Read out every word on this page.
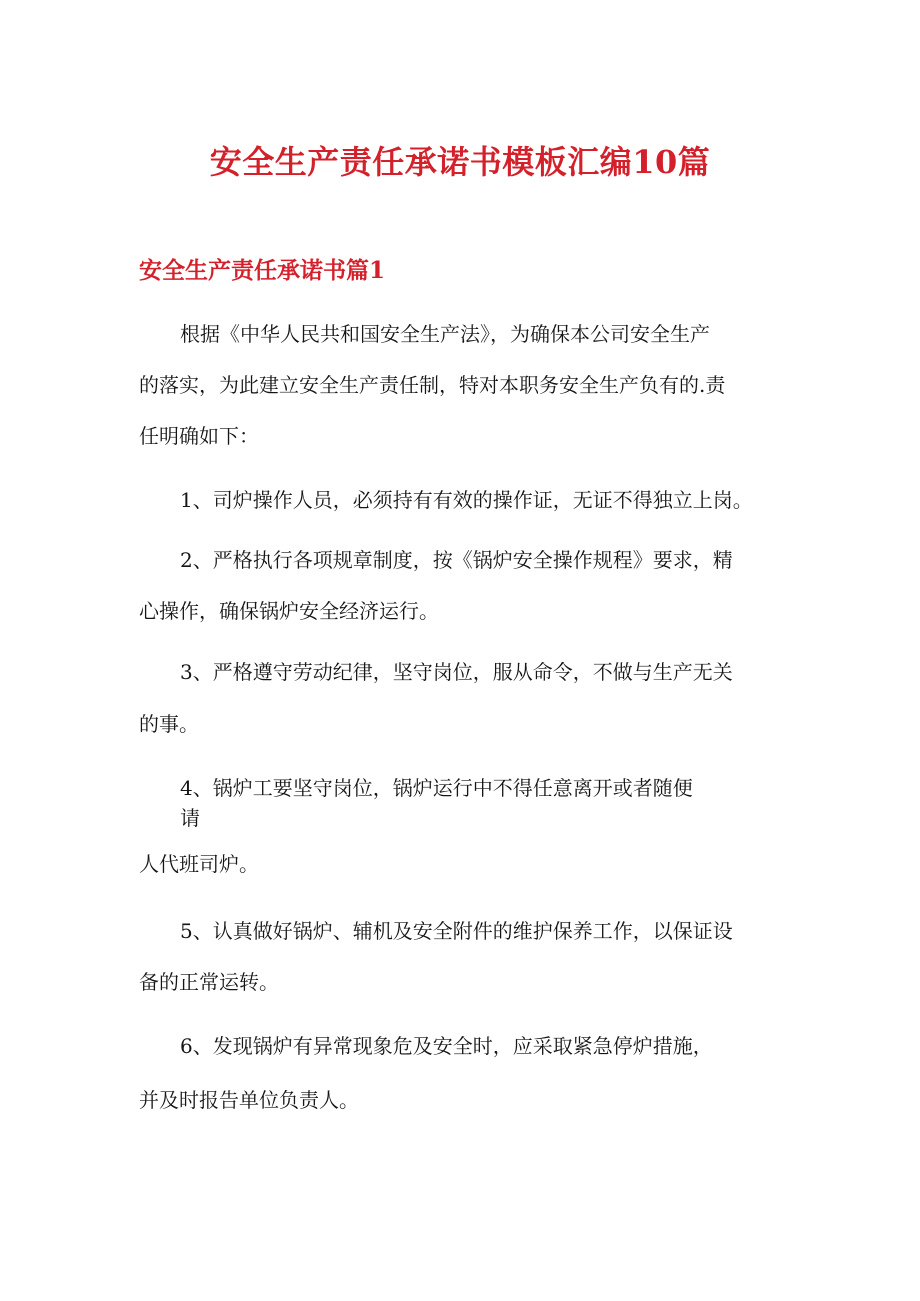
安全生产责任承诺书模板汇编10篇
安全生产责任承诺书篇1

根据《中华人民共和国安全生产法》，为确保本公司安全生产

的落实，为此建立安全生产责任制，特对本职务安全生产负有的.责

任明确如下：

1、司炉操作人员，必须持有有效的操作证，无证不得独立上岗。

2、严格执行各项规章制度，按《锅炉安全操作规程》要求，精

心操作，确保锅炉安全经济运行。

3、严格遵守劳动纪律，坚守岗位，服从命令，不做与生产无关

的事。

4、锅炉工要坚守岗位，锅炉运行中不得任意离开或者随便

请

人代班司炉。

5、认真做好锅炉、辅机及安全附件的维护保养工作，以保证设

备的正常运转。

6、发现锅炉有异常现象危及安全时，应采取紧急停炉措施，

并及时报告单位负责人。
